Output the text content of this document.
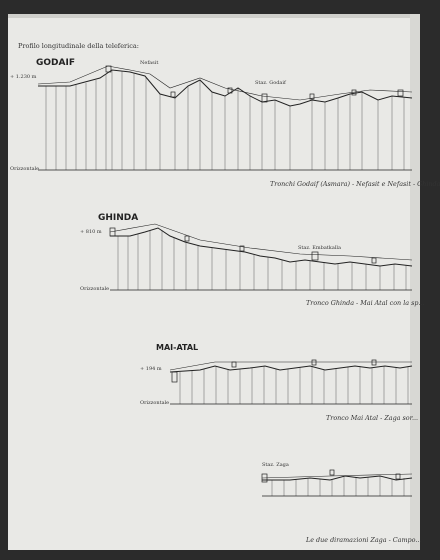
Profilo longitudinale della teleferica:
GODAIF
+ 1.230 m
Orizzontale
Nefasit
Staz. Godaif
Tronchi Godaif (Asmara) - Nefasit e Nefasit - Ghinda
GHINDA
+ 810 m
Orizzontale
Staz. Embatkalla
Tronco Ghinda - Mai Atal con la sp...
MAI-ATAL
+ 194 m
Orizzontale
Tronco Mai Atal - Zaga sor...
Staz. Zaga
Le due diramazioni Zaga - Campo...
